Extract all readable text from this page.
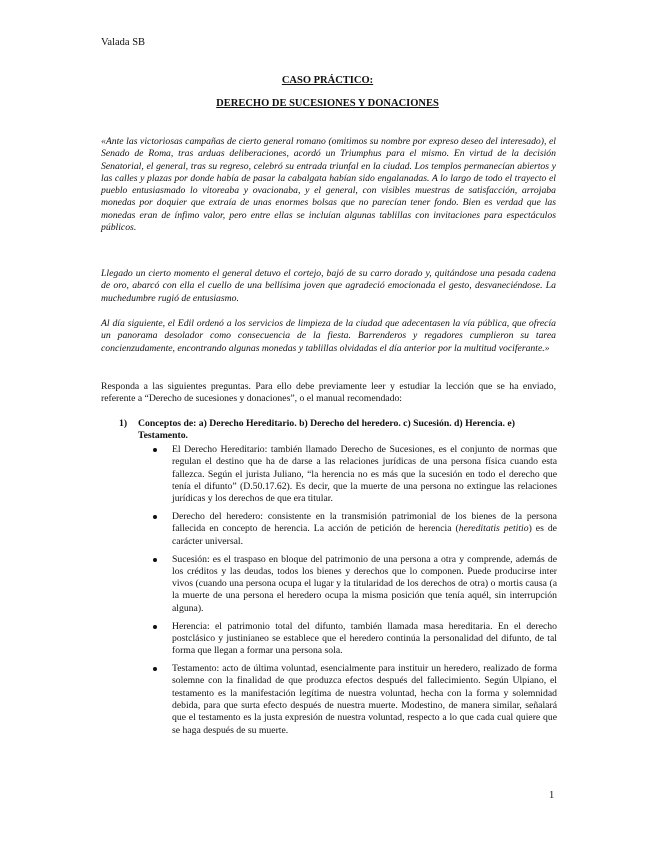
Valada SB
CASO PRÁCTICO:
DERECHO DE SUCESIONES Y DONACIONES

«Ante las victoriosas campañas de cierto general romano (omitimos su nombre por expreso deseo del interesado), el Senado de Roma, tras arduas deliberaciones, acordó un Triumphus para el mismo. En virtud de la decisión Senatorial, el general, tras su regreso, celebró su entrada triunfal en la ciudad. Los templos permanecían abiertos y las calles y plazas por donde había de pasar la cabalgata habían sido engalanadas. A lo largo de todo el trayecto el pueblo entusiasmado lo vitoreaba y ovacionaba, y el general, con visibles muestras de satisfacción, arrojaba monedas por doquier que extraía de unas enormes bolsas que no parecían tener fondo. Bien es verdad que las monedas eran de ínfimo valor, pero entre ellas se incluían algunas tablillas con invitaciones para espectáculos públicos.

Llegado un cierto momento el general detuvo el cortejo, bajó de su carro dorado y, quitándose una pesada cadena de oro, abarcó con ella el cuello de una bellísima joven que agradeció emocionada el gesto, desvaneciéndose. La muchedumbre rugió de entusiasmo.

Al día siguiente, el Edil ordenó a los servicios de limpieza de la ciudad que adecentasen la vía pública, que ofrecía un panorama desolador como consecuencia de la fiesta. Barrenderos y regadores cumplieron su tarea concienzudamente, encontrando algunas monedas y tablillas olvidadas el día anterior por la multitud vociferante.»

Responda a las siguientes preguntas. Para ello debe previamente leer y estudiar la lección que se ha enviado, referente a “Derecho de sucesiones y donaciones”, o el manual recomendado:

1) Conceptos de: a) Derecho Hereditario. b) Derecho del heredero. c) Sucesión. d) Herencia. e) Testamento.
El Derecho Hereditario: también llamado Derecho de Sucesiones, es el conjunto de normas que regulan el destino que ha de darse a las relaciones jurídicas de una persona física cuando esta fallezca. Según el jurista Juliano, “la herencia no es más que la sucesión en todo el derecho que tenía el difunto” (D.50.17.62). Es decir, que la muerte de una persona no extingue las relaciones jurídicas y los derechos de que era titular.
Derecho del heredero: consistente en la transmisión patrimonial de los bienes de la persona fallecida en concepto de herencia. La acción de petición de herencia (hereditatis petitio) es de carácter universal.
Sucesión: es el traspaso en bloque del patrimonio de una persona a otra y comprende, además de los créditos y las deudas, todos los bienes y derechos que lo componen. Puede producirse inter vivos (cuando una persona ocupa el lugar y la titularidad de los derechos de otra) o mortis causa (a la muerte de una persona el heredero ocupa la misma posición que tenía aquél, sin interrupción alguna).
Herencia: el patrimonio total del difunto, también llamada masa hereditaria. En el derecho postclásico y justinianeo se establece que el heredero continúa la personalidad del difunto, de tal forma que llegan a formar una persona sola.
Testamento: acto de última voluntad, esencialmente para instituir un heredero, realizado de forma solemne con la finalidad de que produzca efectos después del fallecimiento. Según Ulpiano, el testamento es la manifestación legítima de nuestra voluntad, hecha con la forma y solemnidad debida, para que surta efecto después de nuestra muerte. Modestino, de manera similar, señalará que el testamento es la justa expresión de nuestra voluntad, respecto a lo que cada cual quiere que se haga después de su muerte.
1
